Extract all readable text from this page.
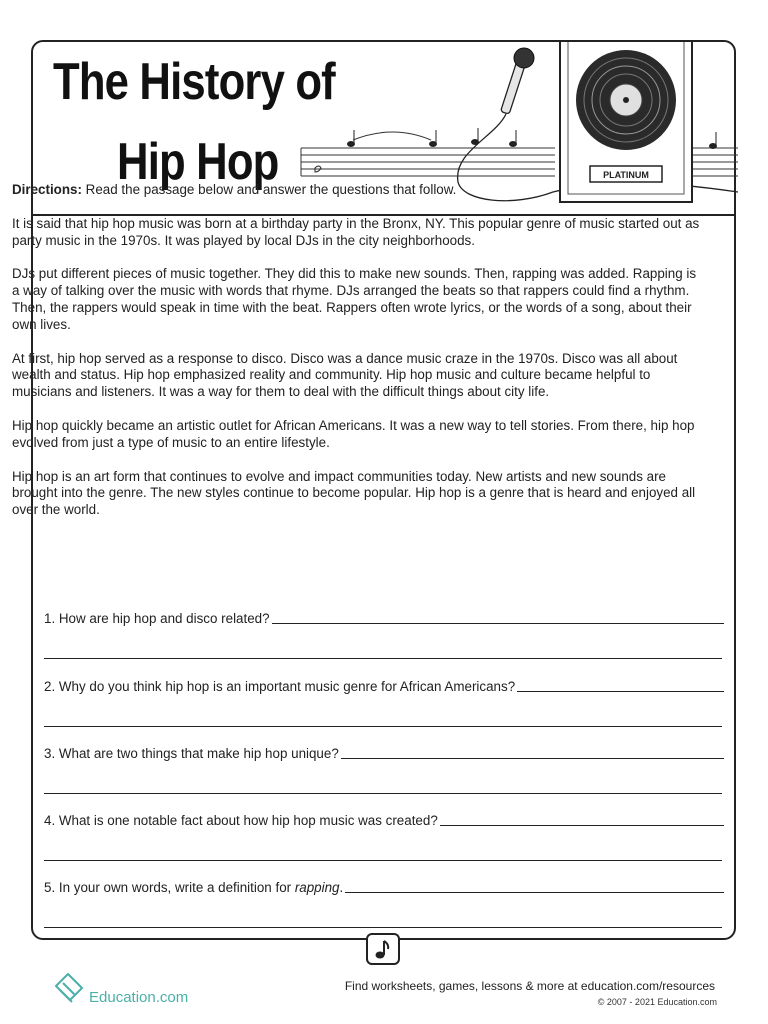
The History of
Hip Hop	PLATINUM

Directions: Read the passage below and answer the questions that follow.

It is said that hip hop music was born at a birthday party in the Bronx, NY. This popular genre of music started out as party music in the 1970s. It was played by local DJs in the city neighborhoods.

DJs put different pieces of music together. They did this to make new sounds. Then, rapping was added. Rapping is a way of talking over the music with words that rhyme. DJs arranged the beats so that rappers could find a rhythm. Then, the rappers would speak in time with the beat. Rappers often wrote lyrics, or the words of a song, about their own lives.

At first, hip hop served as a response to disco. Disco was a dance music craze in the 1970s. Disco was all about wealth and status. Hip hop emphasized reality and community. Hip hop music and culture became helpful to musicians and listeners. It was a way for them to deal with the difficult things about city life.

Hip hop quickly became an artistic outlet for African Americans. It was a new way to tell stories. From there, hip hop evolved from just a type of music to an entire lifestyle.

Hip hop is an art form that continues to evolve and impact communities today. New artists and new sounds are brought into the genre. The new styles continue to become popular. Hip hop is a genre that is heard and enjoyed all over the world.

1. How are hip hop and disco related?
2. Why do you think hip hop is an important music genre for African Americans?
3. What are two things that make hip hop unique?
4. What is one notable fact about how hip hop music was created?
5. In your own words, write a definition for rapping.
Education.com
Find worksheets, games, lessons & more at education.com/resources
© 2007 - 2021 Education.com
